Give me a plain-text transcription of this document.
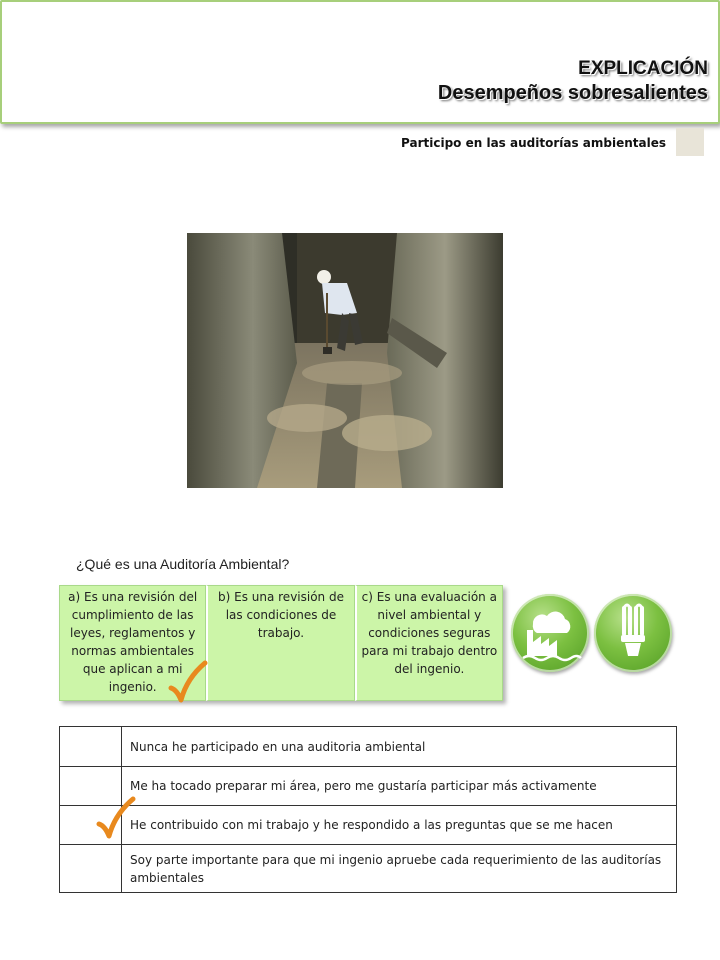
EXPLICACIÓN
Desempeños sobresalientes
Participo en las auditorías ambientales
¿Qué es una Auditoría Ambiental?
a) Es una revisión del cumplimiento de las leyes, reglamentos y normas ambientales que aplican a mi ingenio.
b) Es una revisión de las condiciones de trabajo.
c) Es una evaluación a nivel ambiental y condiciones seguras para mi trabajo dentro del ingenio.
	Nunca he participado en una auditoria ambiental
	Me ha tocado preparar mi área, pero me gustaría participar más activamente

	He contribuido con mi trabajo y he respondido a las preguntas que se me hacen
	Soy parte importante para que mi ingenio apruebe cada requerimiento de las auditorías ambientales
